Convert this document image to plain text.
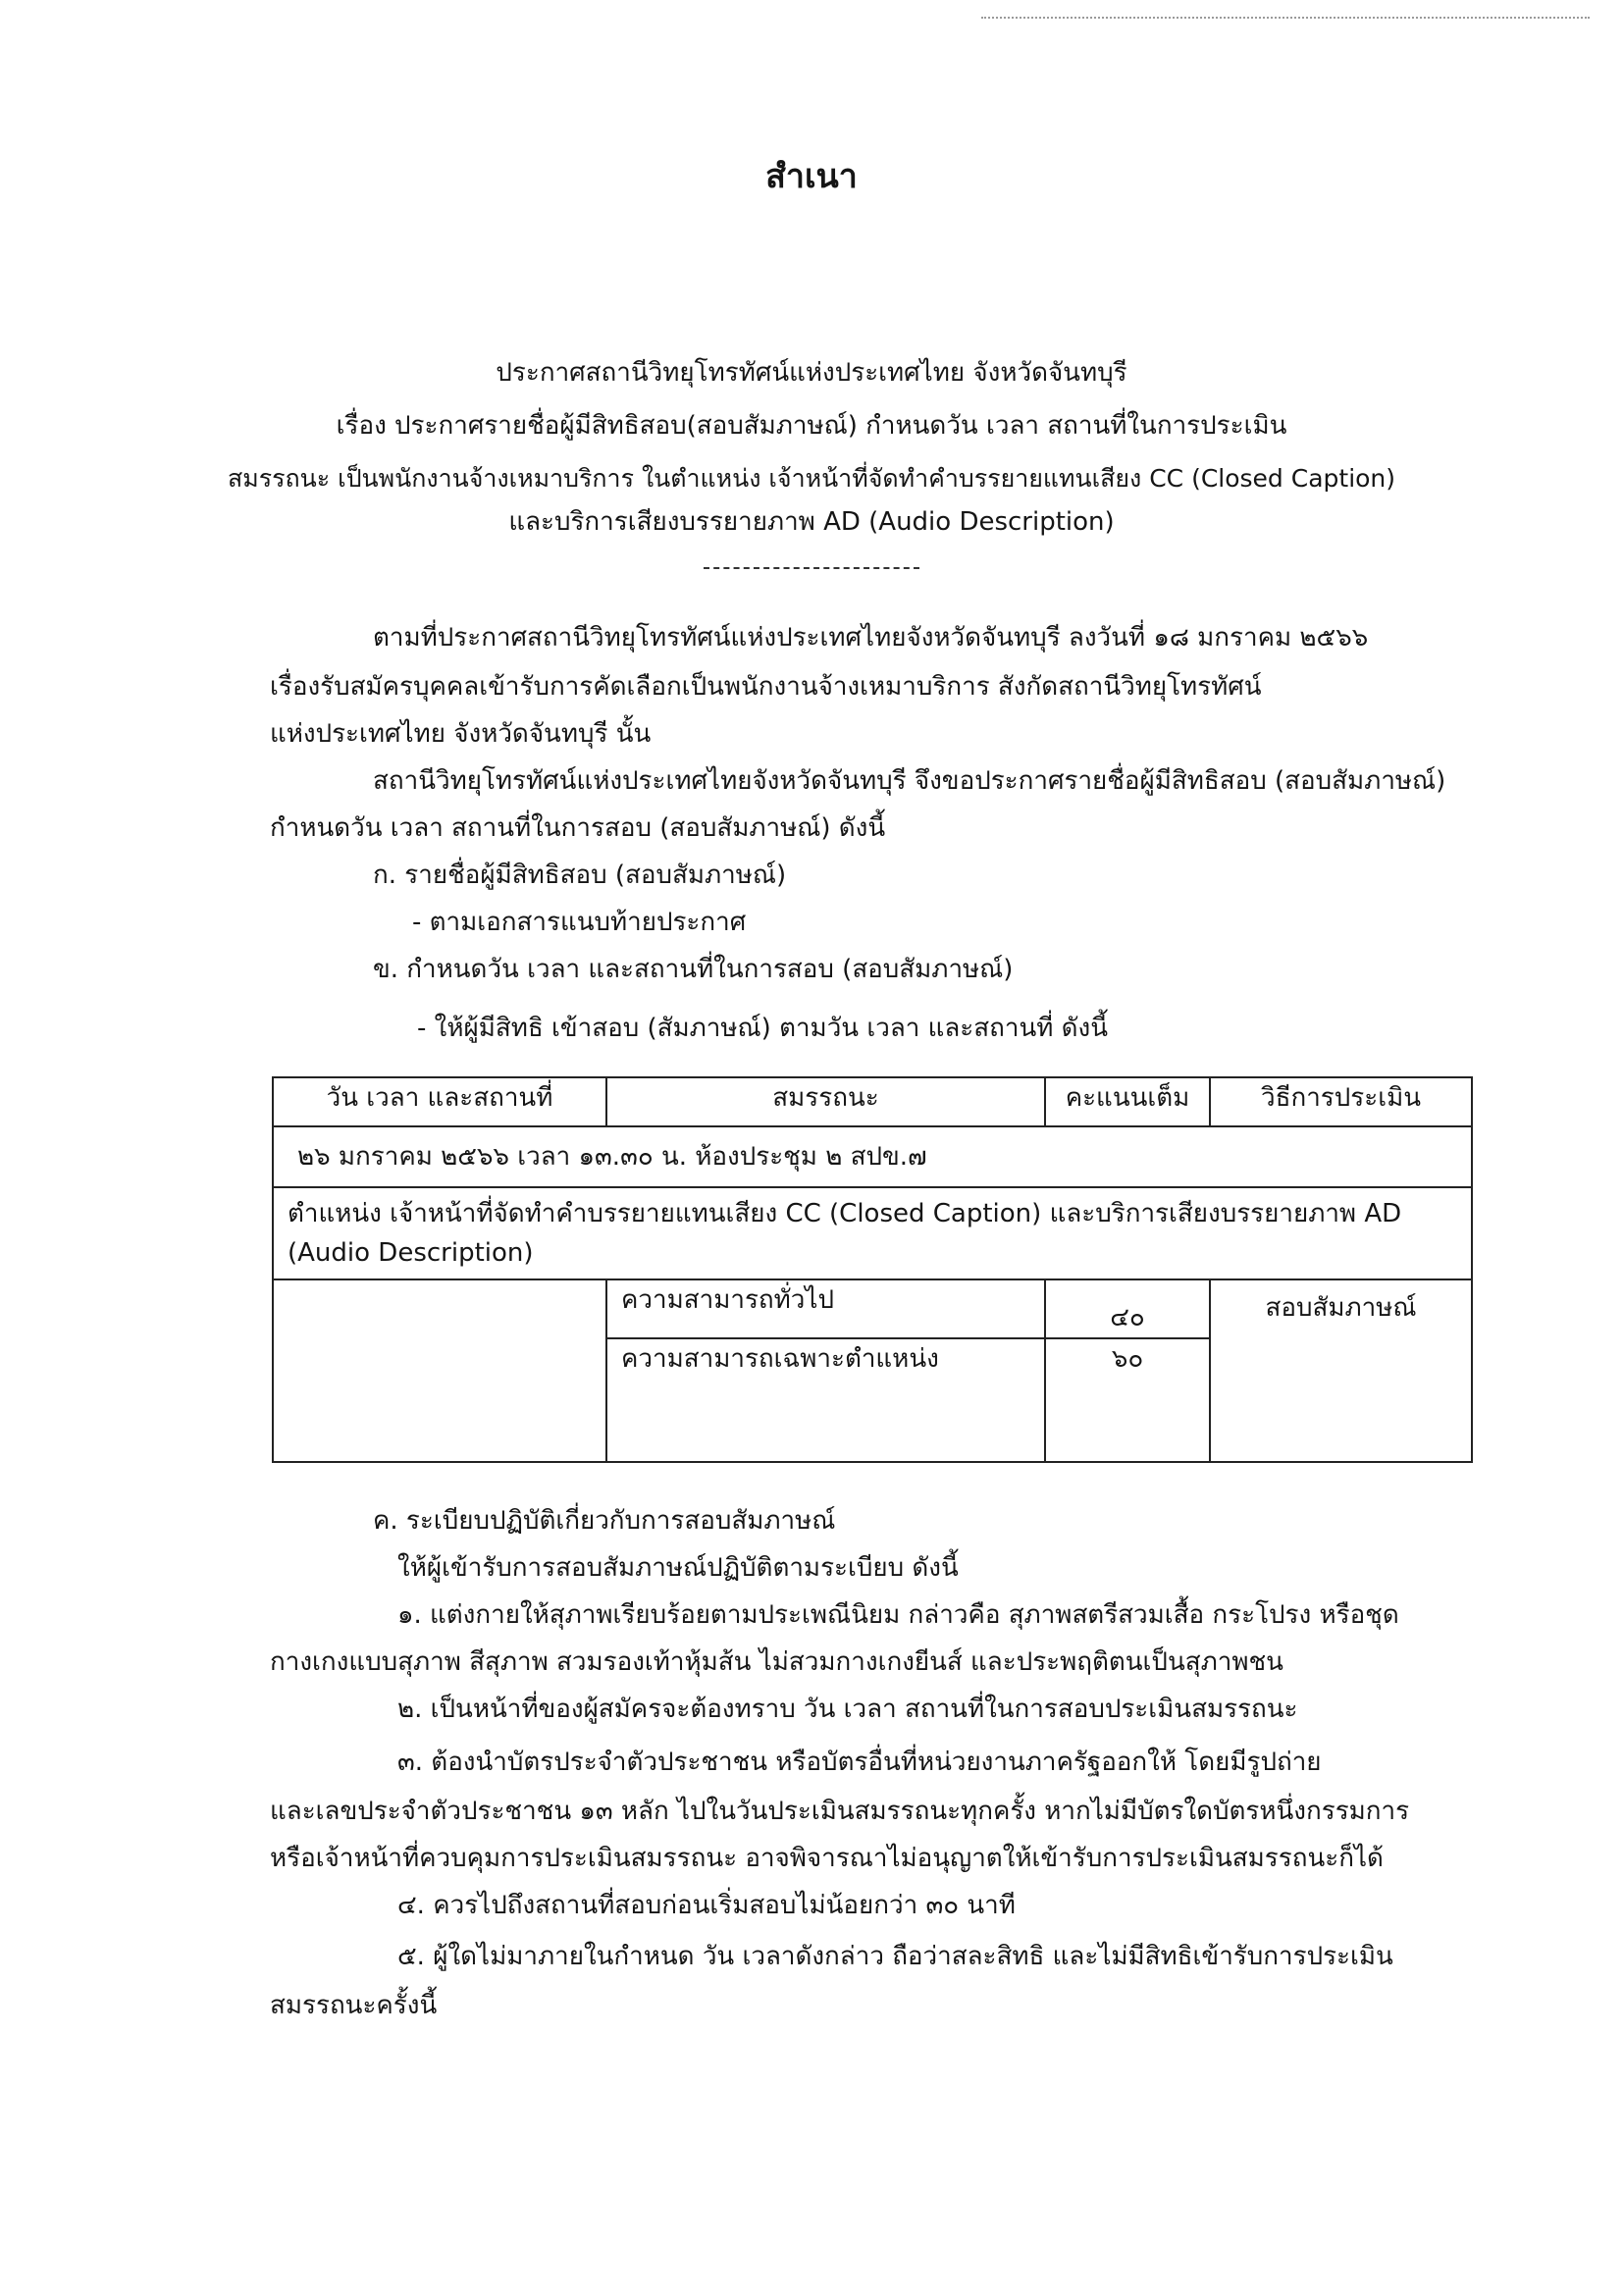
สำเนา
ประกาศสถานีวิทยุโทรทัศน์แห่งประเทศไทย จังหวัดจันทบุรี
เรื่อง ประกาศรายชื่อผู้มีสิทธิสอบ(สอบสัมภาษณ์) กำหนดวัน เวลา สถานที่ในการประเมิน
สมรรถนะ เป็นพนักงานจ้างเหมาบริการ ในตำแหน่ง เจ้าหน้าที่จัดทำคำบรรยายแทนเสียง CC (Closed Caption)
และบริการเสียงบรรยายภาพ AD (Audio Description)
ตามที่ประกาศสถานีวิทยุโทรทัศน์แห่งประเทศไทยจังหวัดจันทบุรี ลงวันที่ ๑๘ มกราคม ๒๕๖๖
เรื่องรับสมัครบุคคลเข้ารับการคัดเลือกเป็นพนักงานจ้างเหมาบริการ สังกัดสถานีวิทยุโทรทัศน์
แห่งประเทศไทย จังหวัดจันทบุรี นั้น
สถานีวิทยุโทรทัศน์แห่งประเทศไทยจังหวัดจันทบุรี จึงขอประกาศรายชื่อผู้มีสิทธิสอบ (สอบสัมภาษณ์)
กำหนดวัน เวลา สถานที่ในการสอบ (สอบสัมภาษณ์) ดังนี้
ก. รายชื่อผู้มีสิทธิสอบ (สอบสัมภาษณ์)
- ตามเอกสารแนบท้ายประกาศ
ข. กำหนดวัน เวลา และสถานที่ในการสอบ (สอบสัมภาษณ์)
- ให้ผู้มีสิทธิ เข้าสอบ (สัมภาษณ์) ตามวัน เวลา และสถานที่ ดังนี้
วัน เวลา และสถานที่	สมรรถนะ	คะแนนเต็ม	วิธีการประเมิน
๒๖ มกราคม ๒๕๖๖ เวลา ๑๓.๓๐ น. ห้องประชุม ๒ สปข.๗			
ตำแหน่ง เจ้าหน้าที่จัดทำคำบรรยายแทนเสียง CC (Closed Caption) และบริการเสียงบรรยายภาพ AD (Audio Description)			
	ความสามารถทั่วไป	๔๐	สอบสัมภาษณ์
	ความสามารถเฉพาะตำแหน่ง	๖๐	
ค. ระเบียบปฏิบัติเกี่ยวกับการสอบสัมภาษณ์
ให้ผู้เข้ารับการสอบสัมภาษณ์ปฏิบัติตามระเบียบ ดังนี้
๑. แต่งกายให้สุภาพเรียบร้อยตามประเพณีนิยม กล่าวคือ สุภาพสตรีสวมเสื้อ กระโปรง หรือชุด
กางเกงแบบสุภาพ สีสุภาพ สวมรองเท้าหุ้มส้น ไม่สวมกางเกงยีนส์ และประพฤติตนเป็นสุภาพชน
๒. เป็นหน้าที่ของผู้สมัครจะต้องทราบ วัน เวลา สถานที่ในการสอบประเมินสมรรถนะ
๓. ต้องนำบัตรประจำตัวประชาชน หรือบัตรอื่นที่หน่วยงานภาครัฐออกให้ โดยมีรูปถ่าย
และเลขประจำตัวประชาชน ๑๓ หลัก ไปในวันประเมินสมรรถนะทุกครั้ง หากไม่มีบัตรใดบัตรหนึ่งกรรมการ
หรือเจ้าหน้าที่ควบคุมการประเมินสมรรถนะ อาจพิจารณาไม่อนุญาตให้เข้ารับการประเมินสมรรถนะก็ได้
๔. ควรไปถึงสถานที่สอบก่อนเริ่มสอบไม่น้อยกว่า ๓๐ นาที
๕. ผู้ใดไม่มาภายในกำหนด วัน เวลาดังกล่าว ถือว่าสละสิทธิ และไม่มีสิทธิเข้ารับการประเมิน
สมรรถนะครั้งนี้
